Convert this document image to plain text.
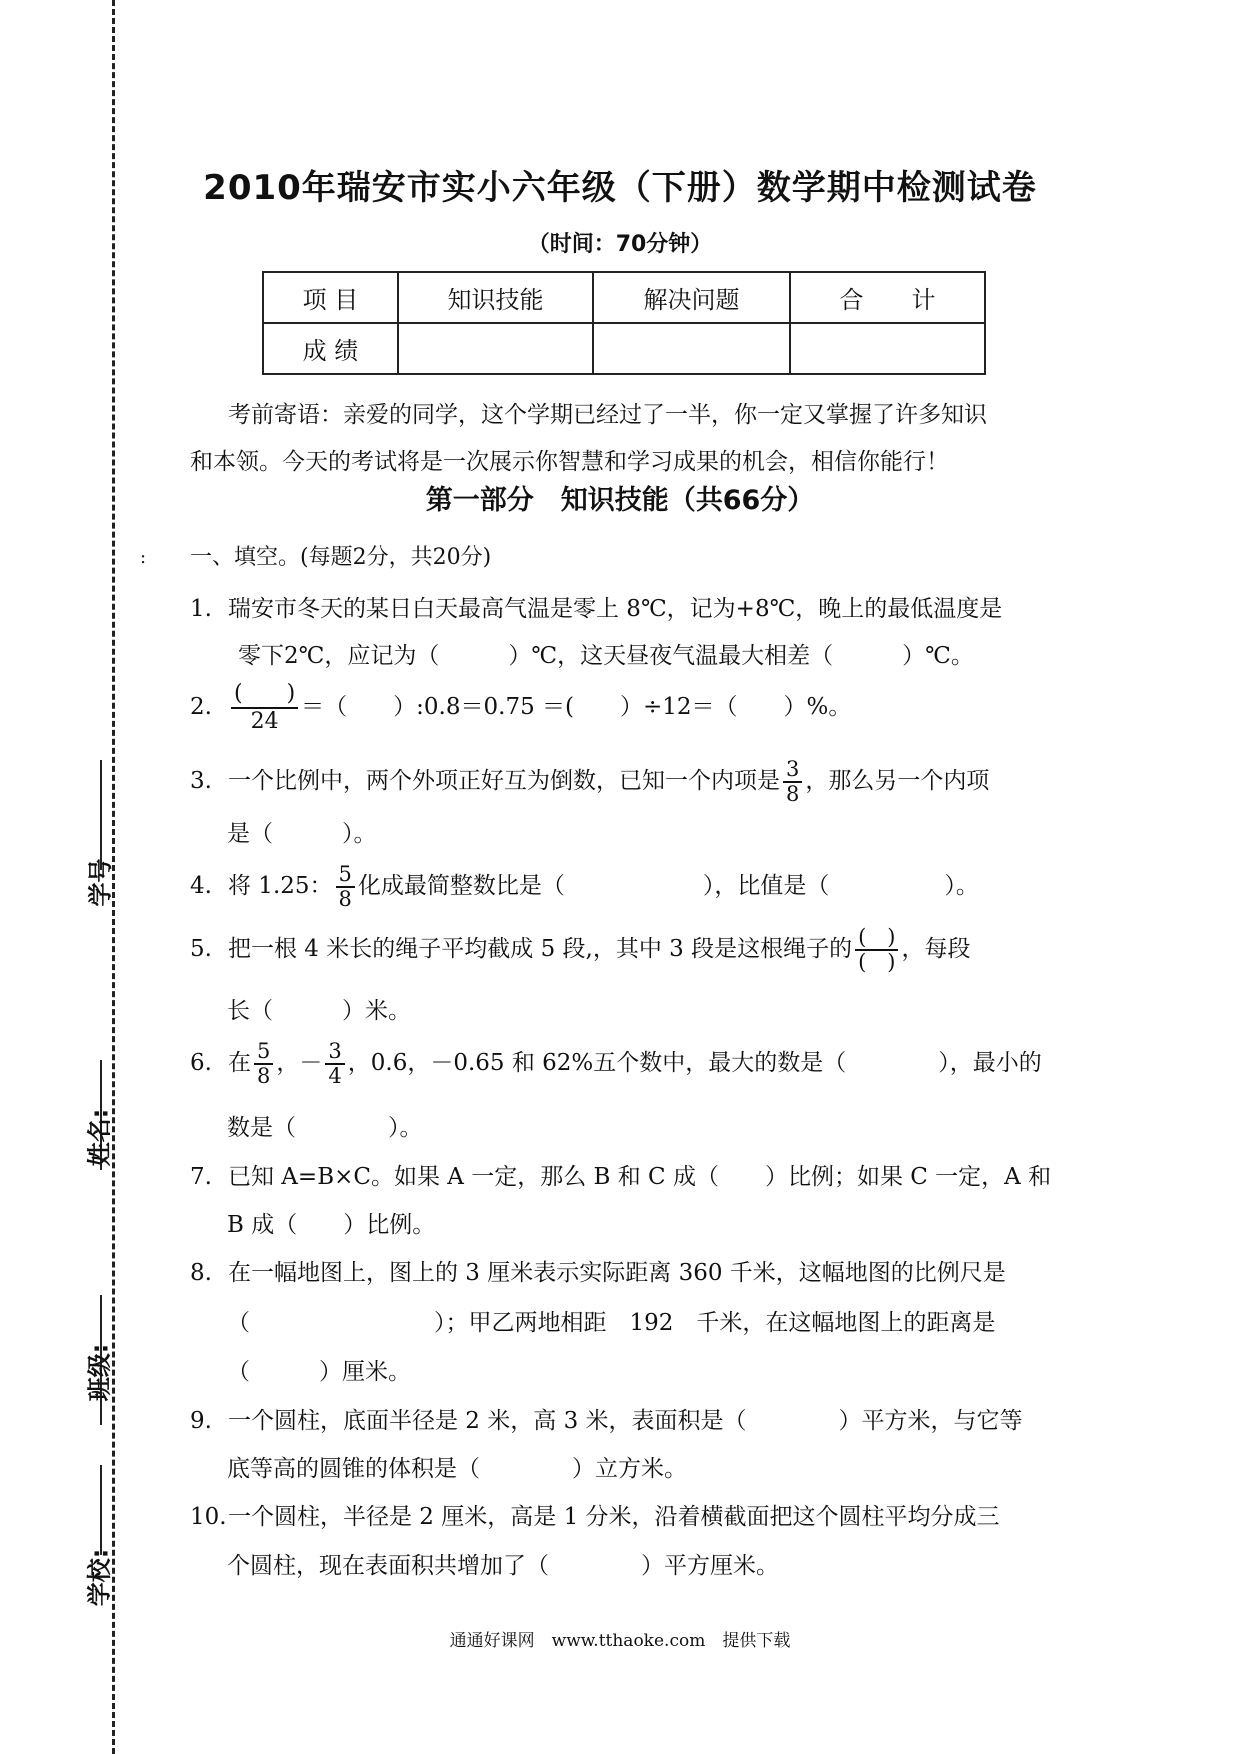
学号
姓名:
班级:
学校:
:
2010年瑞安市实小六年级（下册）数学期中检测试卷
（时间：70分钟）
项 目	知识技能	解决问题	合　　计
成 绩			
考前寄语：亲爱的同学，这个学期已经过了一半，你一定又掌握了许多知识
和本领。今天的考试将是一次展示你智慧和学习成果的机会，相信你能行！
第一部分　知识技能（共66分）
一、填空。(每题2分，共20分)
1. 瑞安市冬天的某日白天最高气温是零上 8℃，记为+8℃，晚上的最低温度是
零下2℃，应记为（　　　）℃，这天昼夜气温最大相差（　　　）℃。
2. $\frac{( )}{24}$ ＝（　　）:0.8＝0.75 ＝(　　）÷12＝（　　）%。
3. 一个比例中，两个外项正好互为倒数，已知一个内项是 $\frac{3}{8}$ ，那么另一个内项
是（　　　）。
4. 将 1.25： $\frac{5}{8}$ 化成最简整数比是（　　　　　　），比值是（　　　　　）。
5. 把一根 4 米长的绳子平均截成 5 段,，其中 3 段是这根绳子的 $\frac{( )}{( )}$ ，每段
长（　　　）米。
6. 在 $\frac{5}{8}$ ，－ $\frac{3}{4}$ ，0.6，－0.65 和 62%五个数中，最大的数是（　　　　），最小的
数是（　　　　）。
7. 已知 A=B×C。如果 A 一定，那么 B 和 C 成（　　）比例；如果 C 一定，A 和
B 成（　　）比例。
8. 在一幅地图上，图上的 3 厘米表示实际距离 360 千米，这幅地图的比例尺是
（　　　　　　　　）；甲乙两地相距　192　千米，在这幅地图上的距离是
（　　　）厘米。
9. 一个圆柱，底面半径是 2 米，高 3 米，表面积是（　　　　）平方米，与它等
底等高的圆锥的体积是（　　　　）立方米。
10.一个圆柱，半径是 2 厘米，高是 1 分米，沿着横截面把这个圆柱平均分成三
个圆柱，现在表面积共增加了（　　　　）平方厘米。
通通好课网　www.tthaoke.com　提供下载
